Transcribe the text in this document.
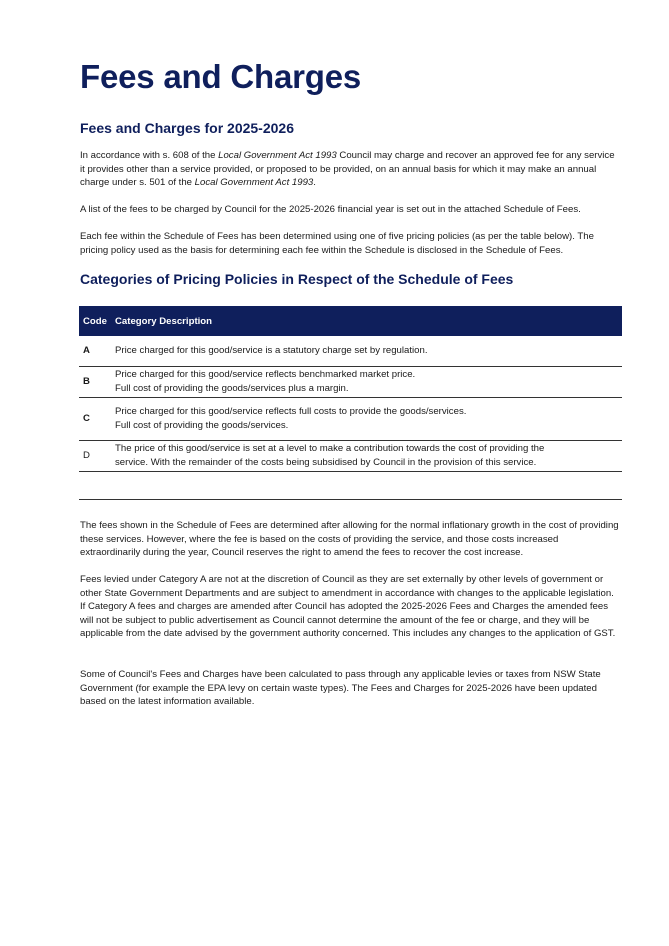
Fees and Charges
Fees and Charges for 2025-2026

In accordance with s. 608 of the Local Government Act 1993 Council may charge and recover an approved fee for any service it provides other than a service provided, or proposed to be provided, on an annual basis for which it may make an annual charge under s. 501 of the Local Government Act 1993.

A list of the fees to be charged by Council for the 2025-2026 financial year is set out in the attached Schedule of Fees.

Each fee within the Schedule of Fees has been determined using one of five pricing policies (as per the table below). The pricing policy used as the basis for determining each fee within the Schedule is disclosed in the Schedule of Fees.

Categories of Pricing Policies in Respect of the Schedule of Fees
Code Category Description
A	Price charged for this good/service is a statutory charge set by regulation.
B
Price charged for this good/service reflects benchmarked market price.
Full cost of providing the goods/services plus a margin.
C
Price charged for this good/service reflects full costs to provide the goods/services.
Full cost of providing the goods/services.
D
The price of this good/service is set at a level to make a contribution towards the cost of providing the
service. With the remainder of the costs being subsidised by Council in the provision of this service.

The fees shown in the Schedule of Fees are determined after allowing for the normal inflationary growth in the cost of providing these services. However, where the fee is based on the costs of providing the service, and those costs increased extraordinarily during the year, Council reserves the right to amend the fees to recover the cost increase.

Fees levied under Category A are not at the discretion of Council as they are set externally by other levels of government or other State Government Departments and are subject to amendment in accordance with changes to the applicable legislation. If Category A fees and charges are amended after Council has adopted the 2025-2026 Fees and Charges the amended fees will not be subject to public advertisement as Council cannot determine the amount of the fee or charge, and they will be applicable from the date advised by the government authority concerned. This includes any changes to the application of GST.

Some of Council's Fees and Charges have been calculated to pass through any applicable levies or taxes from NSW State Government (for example the EPA levy on certain waste types). The Fees and Charges for 2025-2026 have been updated based on the latest information available.
